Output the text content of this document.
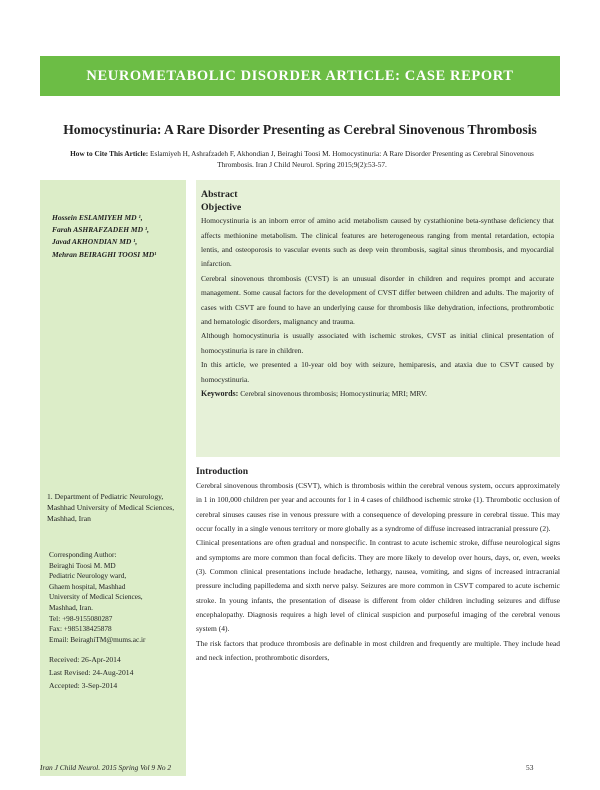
NEUROMETABOLIC DISORDER ARTICLE: CASE REPORT
Homocystinuria: A Rare Disorder Presenting as Cerebral Sinovenous Thrombosis
How to Cite This Article: Eslamiyeh H, Ashrafzadeh F, Akhondian J, Beiraghi Toosi M. Homocystinuria: A Rare Disorder Presenting as Cerebral Sinovenous Thrombosis. Iran J Child Neurol. Spring 2015;9(2):53-57.
Hossein ESLAMIYEH MD ¹,
Farah ASHRAFZADEH MD ¹,
Javad AKHONDIAN MD ¹,
Mehran BEIRAGHI TOOSI MD¹
1. Department of Pediatric Neurology, Mashhad University of Medical Sciences, Mashhad, Iran
Corresponding Author:
Beiraghi Toosi M. MD
Pediatric Neurology ward,
Ghaem hospital, Mashhad
University of Medical Sciences,
Mashhad, Iran.
Tel: +98-9155080287
Fax: +985138425878
Email: BeiraghiTM@mums.ac.ir
Received: 26-Apr-2014
Last Revised: 24-Aug-2014
Accepted: 3-Sep-2014
Abstract
Objective
Homocystinuria is an inborn error of amino acid metabolism caused by cystathionine beta-synthase deficiency that affects methionine metabolism. The clinical features are heterogeneous ranging from mental retardation, ectopia lentis, and osteoporosis to vascular events such as deep vein thrombosis, sagital sinus thrombosis, and myocardial infarction.
Cerebral sinovenous thrombosis (CVST) is an unusual disorder in children and requires prompt and accurate management. Some causal factors for the development of CVST differ between children and adults. The majority of cases with CSVT are found to have an underlying cause for thrombosis like dehydration, infections, prothrombotic and hematologic disorders, malignancy and trauma.
Although homocystinuria is usually associated with ischemic strokes, CVST as initial clinical presentation of homocystinuria is rare in children.
In this article, we presented a 10-year old boy with seizure, hemiparesis, and ataxia due to CSVT caused by homocystinuria.
Keywords: Cerebral sinovenous thrombosis; Homocystinuria; MRI; MRV.
Introduction
Cerebral sinovenous thrombosis (CSVT), which is thrombosis within the cerebral venous system, occurs approximately in 1 in 100,000 children per year and accounts for 1 in 4 cases of childhood ischemic stroke (1). Thrombotic occlusion of cerebral sinuses causes rise in venous pressure with a consequence of developing pressure in cerebral tissue. This may occur focally in a single venous territory or more globally as a syndrome of diffuse increased intracranial pressure (2).
Clinical presentations are often gradual and nonspecific. In contrast to acute ischemic stroke, diffuse neurological signs and symptoms are more common than focal deficits. They are more likely to develop over hours, days, or, even, weeks (3). Common clinical presentations include headache, lethargy, nausea, vomiting, and signs of increased intracranial pressure including papilledema and sixth nerve palsy. Seizures are more common in CSVT compared to acute ischemic stroke. In young infants, the presentation of disease is different from older children including seizures and diffuse encephalopathy. Diagnosis requires a high level of clinical suspicion and purposeful imaging of the cerebral venous system (4).
The risk factors that produce thrombosis are definable in most children and frequently are multiple. They include head and neck infection, prothrombotic disorders,
Iran J Child Neurol. 2015 Spring Vol 9 No 2	53
